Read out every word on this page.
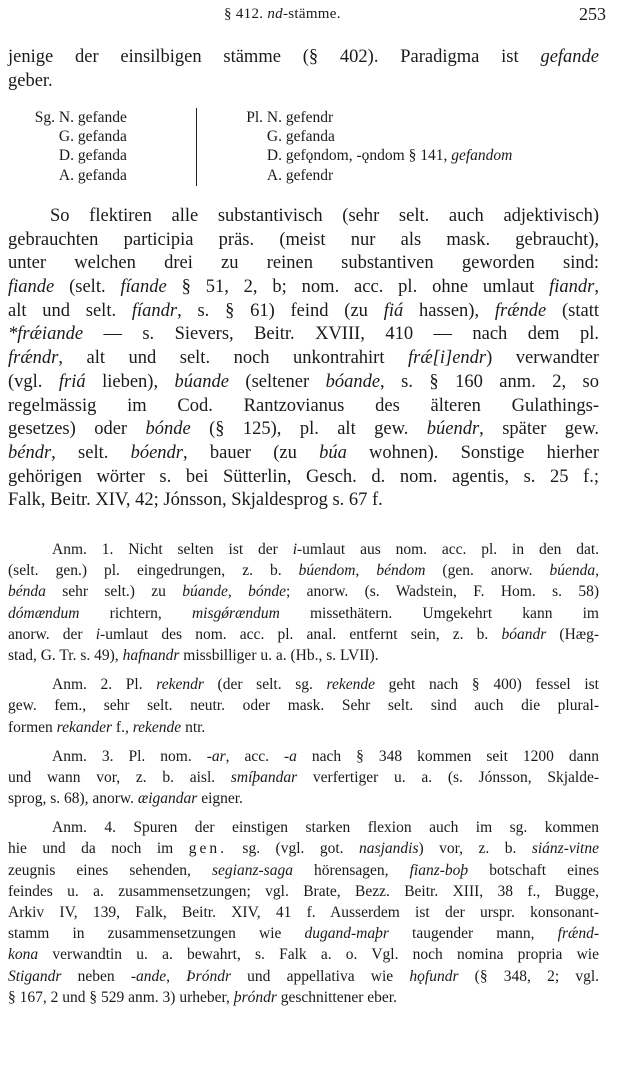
§ 412. nd-stämme.	253
jenige der einsilbigen stämme (§ 402). Paradigma ist gefande
geber.
Sg. N. gefande
G. gefanda
D. gefanda
A. gefanda
Pl. N. gefendr
G. gefanda
D. gefǫndom, -ǫndom § 141, gefandom
A. gefendr
So flektiren alle substantivisch (sehr selt. auch adjektivisch)
gebrauchten participia präs. (meist nur als mask. gebraucht),
unter welchen drei zu reinen substantiven geworden sind:
fiande (selt. fíande § 51, 2, b; nom. acc. pl. ohne umlaut fiandr,
alt und selt. fíandr, s. § 61) feind (zu fiá hassen), frǽnde (statt
*frǽiande — s. Sievers, Beitr. XVIII, 410 — nach dem pl.
frǽndr, alt und selt. noch unkontrahirt frǽ[i]endr) verwandter
(vgl. friá lieben), búande (seltener bóande, s. § 160 anm. 2, so
regelmässig im Cod. Rantzovianus des älteren Gulathings-
gesetzes) oder bónde (§ 125), pl. alt gew. búendr, später gew.
béndr, selt. bóendr, bauer (zu búa wohnen). Sonstige hierher
gehörigen wörter s. bei Sütterlin, Gesch. d. nom. agentis, s. 25 f.;
Falk, Beitr. XIV, 42; Jónsson, Skjaldesprog s. 67 f.
Anm. 1. Nicht selten ist der i-umlaut aus nom. acc. pl. in den dat.
(selt. gen.) pl. eingedrungen, z. b. búendom, béndom (gen. anorw. búenda,
bénda sehr selt.) zu búande, bónde; anorw. (s. Wadstein, F. Hom. s. 58)
dómændum richtern, misgǿrændum missethätern. Umgekehrt kann im
anorw. der i-umlaut des nom. acc. pl. anal. entfernt sein, z. b. bóandr (Hæg-
stad, G. Tr. s. 49), hafnandr missbilliger u. a. (Hb., s. LVII).
Anm. 2. Pl. rekendr (der selt. sg. rekende geht nach § 400) fessel ist
gew. fem., sehr selt. neutr. oder mask. Sehr selt. sind auch die plural-
formen rekander f., rekende ntr.
Anm. 3. Pl. nom. -ar, acc. -a nach § 348 kommen seit 1200 dann
und wann vor, z. b. aisl. smíþandar verfertiger u. a. (s. Jónsson, Skjalde-
sprog, s. 68), anorw. æigandar eigner.
Anm. 4. Spuren der einstigen starken flexion auch im sg. kommen
hie und da noch im gen. sg. (vgl. got. nasjandis) vor, z. b. siánz-vitne
zeugnis eines sehenden, segianz-saga hörensagen, fianz-boþ botschaft eines
feindes u. a. zusammensetzungen; vgl. Brate, Bezz. Beitr. XIII, 38 f., Bugge,
Arkiv IV, 139, Falk, Beitr. XIV, 41 f. Ausserdem ist der urspr. konsonant-
stamm in zusammensetzungen wie dugand-maþr taugender mann, frǽnd-
kona verwandtin u. a. bewahrt, s. Falk a. o. Vgl. noch nomina propria wie
Stigandr neben -ande, Þróndr und appellativa wie hǫfundr (§ 348, 2; vgl.
§ 167, 2 und § 529 anm. 3) urheber, þróndr geschnittener eber.
